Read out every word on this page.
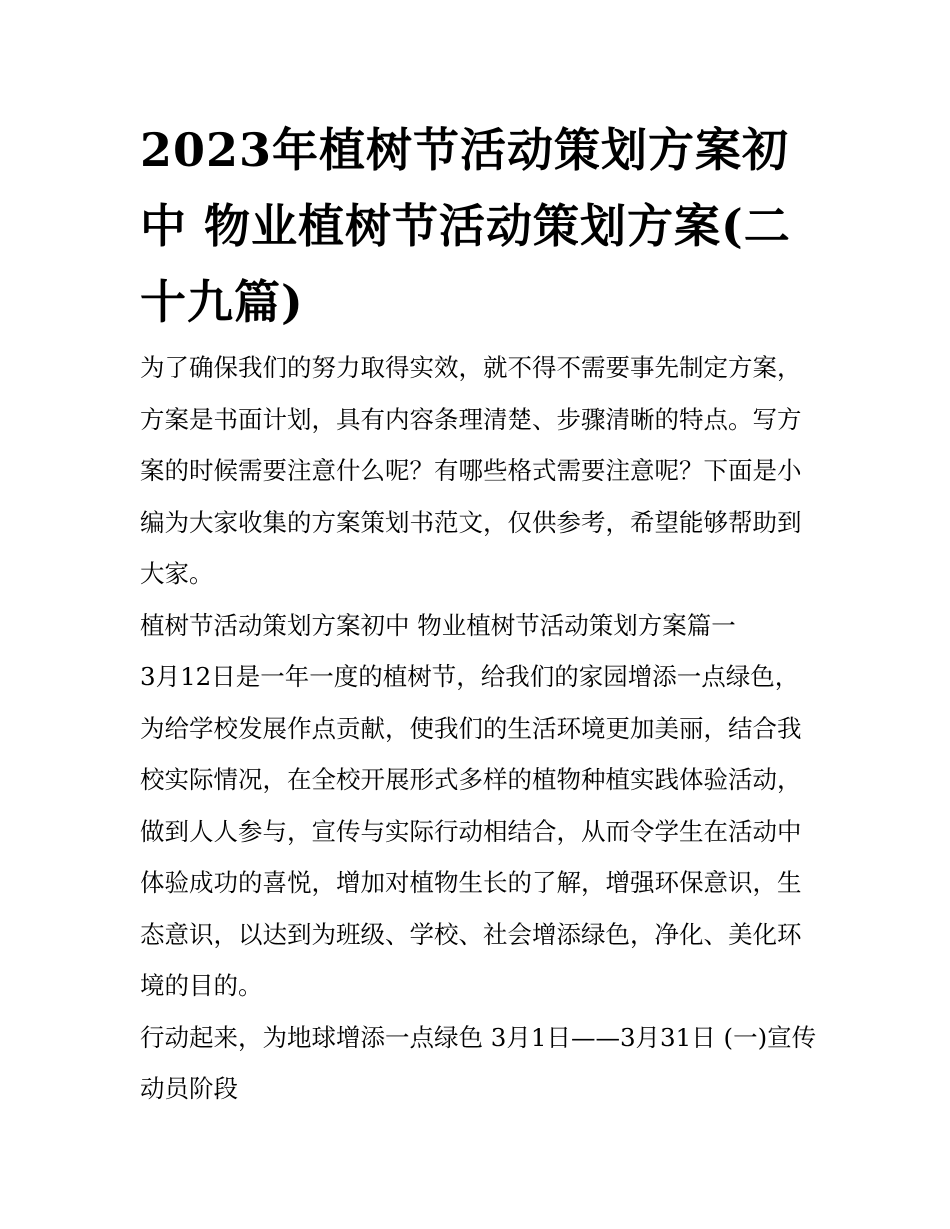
2023年植树节活动策划方案初中 物业植树节活动策划方案(二十九篇)

为了确保我们的努力取得实效，就不得不需要事先制定方案，方案是书面计划，具有内容条理清楚、步骤清晰的特点。写方案的时候需要注意什么呢？有哪些格式需要注意呢？下面是小编为大家收集的方案策划书范文，仅供参考，希望能够帮助到大家。

植树节活动策划方案初中 物业植树节活动策划方案篇一

3月12日是一年一度的植树节，给我们的家园增添一点绿色，为给学校发展作点贡献，使我们的生活环境更加美丽，结合我校实际情况，在全校开展形式多样的植物种植实践体验活动，做到人人参与，宣传与实际行动相结合，从而令学生在活动中体验成功的喜悦，增加对植物生长的了解，增强环保意识，生态意识，以达到为班级、学校、社会增添绿色，净化、美化环境的目的。

行动起来，为地球增添一点绿色 3月1日——3月31日 (一)宣传动员阶段
